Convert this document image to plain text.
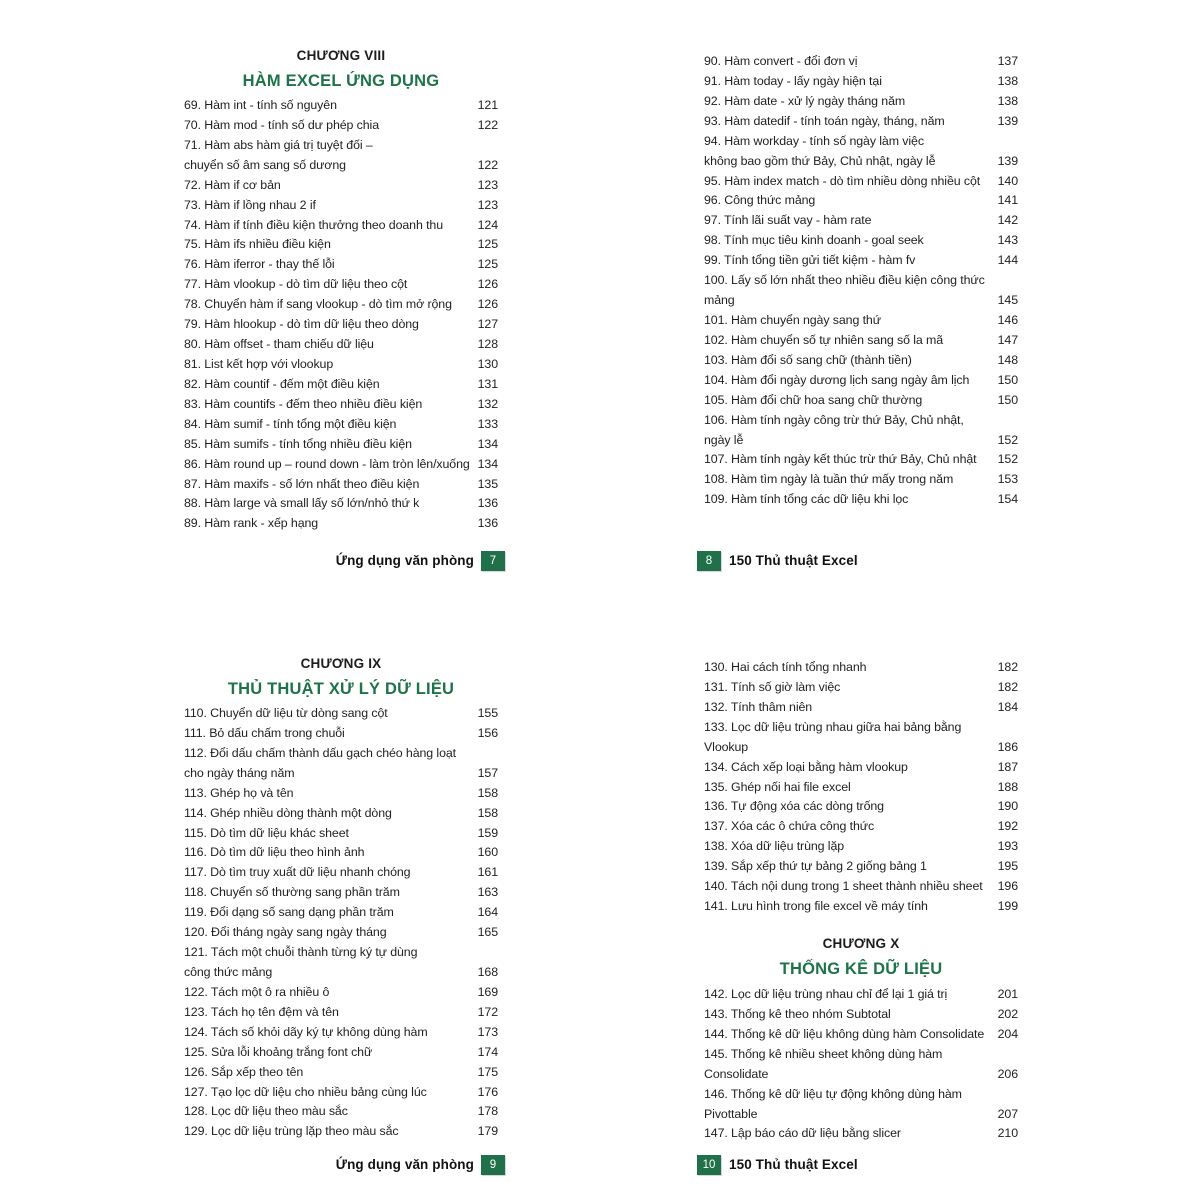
CHƯƠNG VIII
HÀM EXCEL ỨNG DỤNG
69. Hàm int - tính số nguyên	121
70. Hàm mod - tính số dư phép chia	122
71. Hàm abs hàm giá trị tuyệt đối –
chuyển số âm sang số dương	122
72. Hàm if cơ bản	123
73. Hàm if lồng nhau 2 if	123
74. Hàm if tính điều kiện thưởng theo doanh thu	124
75. Hàm ifs nhiều điều kiện	125
76. Hàm iferror - thay thế lỗi	125
77. Hàm vlookup - dò tìm dữ liệu theo cột	126
78. Chuyển hàm if sang vlookup - dò tìm mở rộng 126
79. Hàm hlookup - dò tìm dữ liệu theo dòng	127
80. Hàm offset - tham chiếu dữ liệu	128
81. List kết hợp với vlookup	130
82. Hàm countif - đếm một điều kiện	131
83. Hàm countifs - đếm theo nhiều điều kiện	132
84. Hàm sumif - tính tổng một điều kiện	133
85. Hàm sumifs - tính tổng nhiều điều kiện	134
86. Hàm round up – round down - làm tròn lên/xuống 134
87. Hàm maxifs - số lớn nhất theo điều kiện	135
88. Hàm large và small lấy số lớn/nhỏ thứ k	136
89. Hàm rank - xếp hạng	136
90. Hàm convert - đổi đơn vị	137
91. Hàm today - lấy ngày hiện tại	138
92. Hàm date - xử lý ngày tháng năm	138
93. Hàm datedif - tính toán ngày, tháng, năm	139
94. Hàm workday - tính số ngày làm việc
không bao gồm thứ Bảy, Chủ nhật, ngày lễ	139
95. Hàm index match - dò tìm nhiều dòng nhiều cột 140
96. Công thức mảng	141
97. Tính lãi suất vay - hàm rate	142
98. Tính mục tiêu kinh doanh - goal seek	143
99. Tính tổng tiền gửi tiết kiệm - hàm fv	144
100. Lấy số lớn nhất theo nhiều điều kiện công thức
mảng	145
101. Hàm chuyển ngày sang thứ	146
102. Hàm chuyển số tự nhiên sang số la mã	147
103. Hàm đổi số sang chữ (thành tiền)	148
104. Hàm đổi ngày dương lịch sang ngày âm lịch 150
105. Hàm đổi chữ hoa sang chữ thường	150
106. Hàm tính ngày công trừ thứ Bảy, Chủ nhật,
ngày lễ	152
107. Hàm tính ngày kết thúc trừ thứ Bảy, Chủ nhật 152
108. Hàm tìm ngày là tuần thứ mấy trong năm	153
109. Hàm tính tổng các dữ liệu khi lọc	154
CHƯƠNG IX
THỦ THUẬT XỬ LÝ DỮ LIỆU
110. Chuyển dữ liệu từ dòng sang cột	155
111. Bỏ dấu chấm trong chuỗi	156
112. Đổi dấu chấm thành dấu gạch chéo hàng loạt
cho ngày tháng năm	157
113. Ghép họ và tên	158
114. Ghép nhiều dòng thành một dòng	158
115. Dò tìm dữ liệu khác sheet	159
116. Dò tìm dữ liệu theo hình ảnh	160
117. Dò tìm truy xuất dữ liệu nhanh chóng	161
118. Chuyển số thường sang phần trăm	163
119. Đổi dạng số sang dạng phần trăm	164
120. Đổi tháng ngày sang ngày tháng	165
121. Tách một chuỗi thành từng ký tự dùng
công thức mảng	168
122. Tách một ô ra nhiều ô	169
123. Tách họ tên đệm và tên	172
124. Tách số khỏi dãy ký tự không dùng hàm	173
125. Sửa lỗi khoảng trắng font chữ	174
126. Sắp xếp theo tên	175
127. Tạo lọc dữ liệu cho nhiều bảng cùng lúc	176
128. Lọc dữ liệu theo màu sắc	178
129. Lọc dữ liệu trùng lặp theo màu sắc	179
130. Hai cách tính tổng nhanh	182
131. Tính số giờ làm việc	182
132. Tính thâm niên	184
133. Lọc dữ liệu trùng nhau giữa hai bảng bằng
Vlookup	186
134. Cách xếp loại bằng hàm vlookup	187
135. Ghép nối hai file excel	188
136. Tự động xóa các dòng trống	190
137. Xóa các ô chứa công thức	192
138. Xóa dữ liệu trùng lặp	193
139. Sắp xếp thứ tự bảng 2 giống bảng 1	195
140. Tách nội dung trong 1 sheet thành nhiều sheet 196
141. Lưu hình trong file excel về máy tính	199
CHƯƠNG X
THỐNG KÊ DỮ LIỆU
142. Lọc dữ liệu trùng nhau chỉ để lại 1 giá trị	201
143. Thống kê theo nhóm Subtotal	202
144. Thống kê dữ liệu không dùng hàm Consolidate 204
145. Thống kê nhiều sheet không dùng hàm
Consolidate	206
146. Thống kê dữ liệu tự động không dùng hàm
Pivottable	207
147. Lập báo cáo dữ liệu bằng slicer	210
Ứng dụng văn phòng	7	8	150 Thủ thuật Excel
Ứng dụng văn phòng	9	10	150 Thủ thuật Excel
